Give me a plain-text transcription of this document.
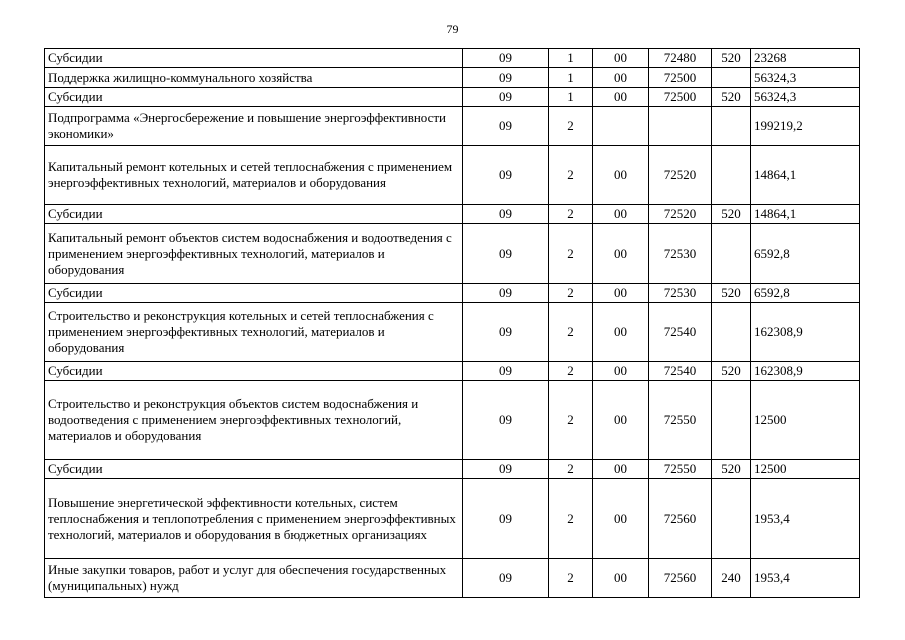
79
Субсидии	09	1	00	72480	520	23268
Поддержка жилищно-коммунального хозяйства	09	1	00	72500		56324,3
Субсидии	09	1	00	72500	520	56324,3
Подпрограмма «Энергосбережение и повышение энергоэффективности экономики»	09	2				199219,2
Капитальный ремонт котельных и сетей теплоснабжения с применением энергоэффективных технологий, материалов и оборудования	09	2	00	72520		14864,1
Субсидии	09	2	00	72520	520	14864,1
Капитальный ремонт объектов систем водоснабжения и водоотведения с применением энергоэффективных технологий, материалов и оборудования	09	2	00	72530		6592,8
Субсидии	09	2	00	72530	520	6592,8
Строительство и реконструкция котельных и сетей теплоснабжения с применением энергоэффективных технологий, материалов и оборудования	09	2	00	72540		162308,9
Субсидии	09	2	00	72540	520	162308,9
Строительство и реконструкция объектов систем водоснабжения и водоотведения с применением энергоэффективных технологий, материалов и оборудования	09	2	00	72550		12500
Субсидии	09	2	00	72550	520	12500
Повышение энергетической эффективности котельных, систем теплоснабжения и теплопотребления с применением энергоэффективных технологий, материалов и оборудования в бюджетных организациях	09	2	00	72560		1953,4
Иные закупки товаров, работ и услуг для обеспечения государственных (муниципальных) нужд	09	2	00	72560	240	1953,4
